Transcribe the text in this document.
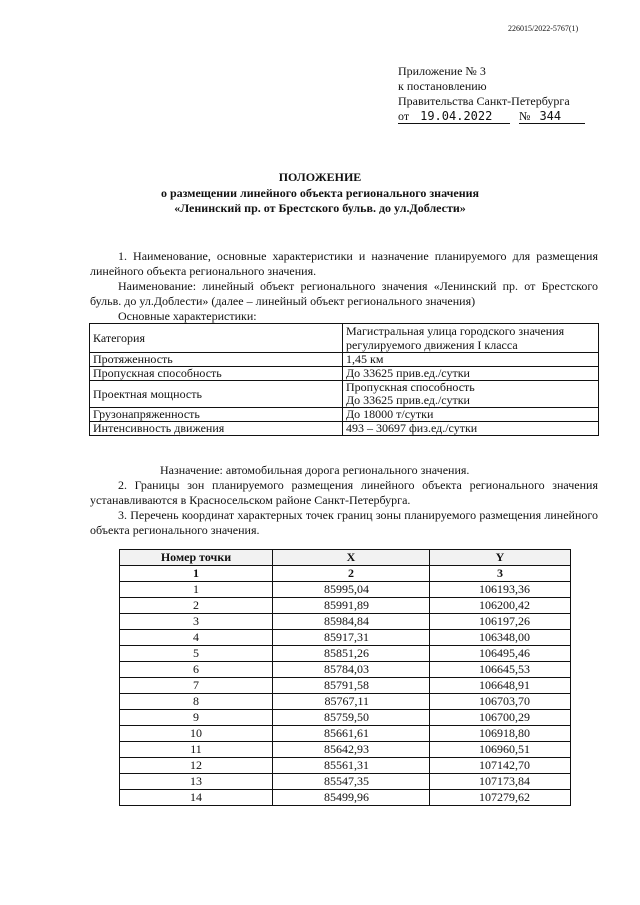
226015/2022-5767(1)
Приложение № 3
к постановлению
Правительства Санкт-Петербурга
от 19.04.2022 № 344
ПОЛОЖЕНИЕ
о размещении линейного объекта регионального значения
«Ленинский пр. от Брестского бульв. до ул.Доблести»
1. Наименование, основные характеристики и назначение планируемого для размещения линейного объекта регионального значения.
Наименование: линейный объект регионального значения «Ленинский пр. от Брестского бульв. до ул.Доблести» (далее – линейный объект регионального значения)
Основные характеристики:
Категория	Магистральная улица городского значения регулируемого движения I класса
Протяженность	1,45 км
Пропускная способность	До 33625 прив.ед./сутки
Проектная мощность	Пропускная способность
До 33625 прив.ед./сутки

Грузонапряженность	До 18000 т/сутки
Интенсивность движения	493 – 30697 физ.ед./сутки
Назначение: автомобильная дорога регионального значения.
2. Границы зон планируемого размещения линейного объекта регионального значения устанавливаются в Красносельском районе Санкт-Петербурга.
3. Перечень координат характерных точек границ зоны планируемого размещения линейного объекта регионального значения.
Номер точки	X	Y
1	2	3
1	85995,04	106193,36
2	85991,89	106200,42
3	85984,84	106197,26
4	85917,31	106348,00
5	85851,26	106495,46
6	85784,03	106645,53
7	85791,58	106648,91
8	85767,11	106703,70
9	85759,50	106700,29
10	85661,61	106918,80
11	85642,93	106960,51
12	85561,31	107142,70
13	85547,35	107173,84
14	85499,96	107279,62
